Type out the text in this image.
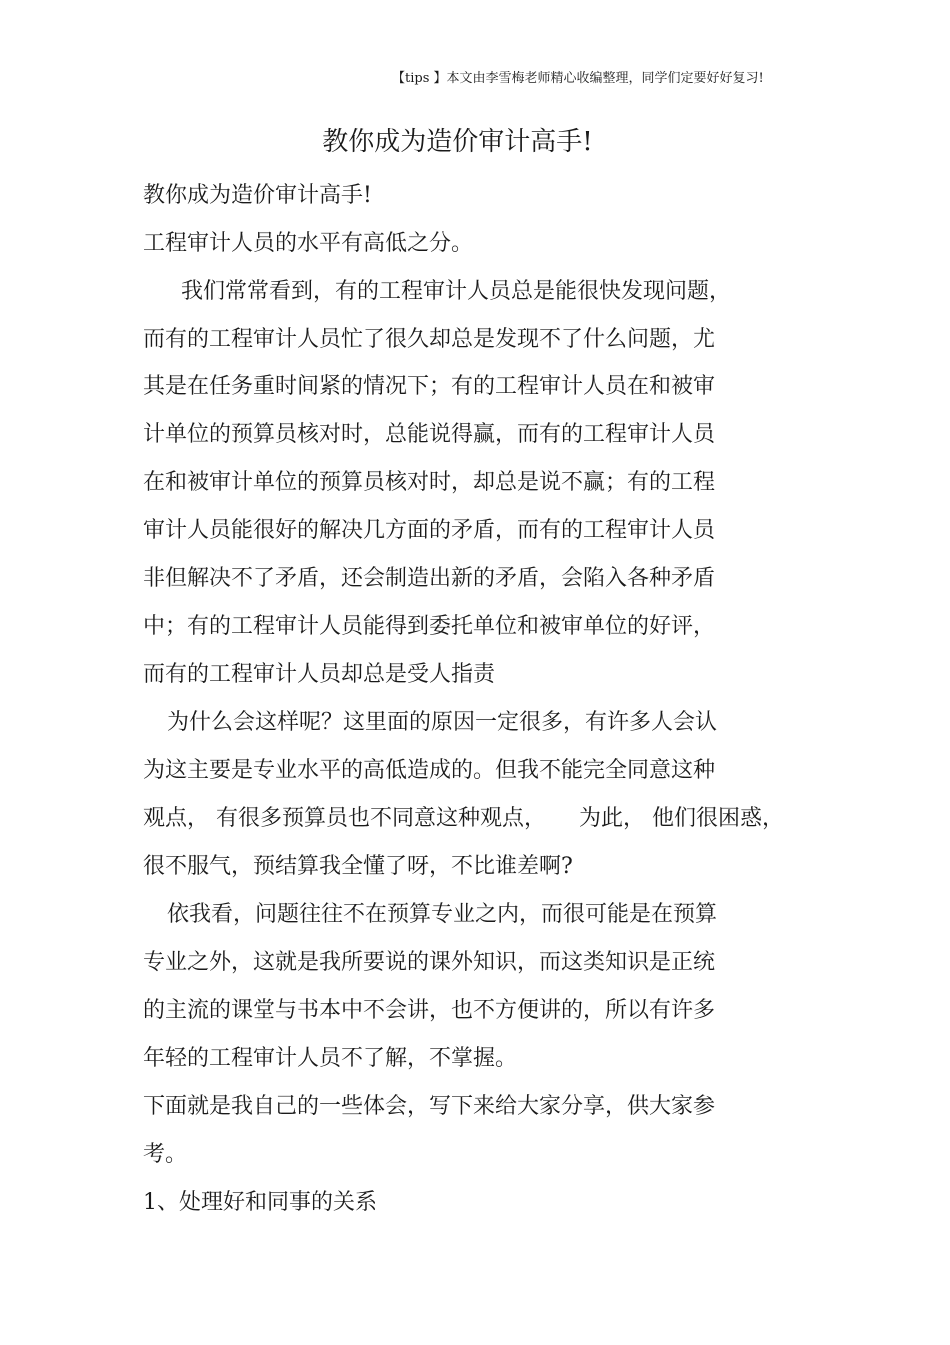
【tips 】本文由李雪梅老师精心收编整理，同学们定要好好复习!
教你成为造价审计高手!
教你成为造价审计高手!
工程审计人员的水平有高低之分。
我们常常看到，有的工程审计人员总是能很快发现问题，
而有的工程审计人员忙了很久却总是发现不了什么问题，尤
其是在任务重时间紧的情况下；有的工程审计人员在和被审
计单位的预算员核对时，总能说得赢，而有的工程审计人员
在和被审计单位的预算员核对时，却总是说不赢；有的工程
审计人员能很好的解决几方面的矛盾，而有的工程审计人员
非但解决不了矛盾，还会制造出新的矛盾，会陷入各种矛盾
中；有的工程审计人员能得到委托单位和被审单位的好评，
而有的工程审计人员却总是受人指责
为什么会这样呢？这里面的原因一定很多，有许多人会认
为这主要是专业水平的高低造成的。但我不能完全同意这种
观点， 有很多预算员也不同意这种观点，　　为此， 他们很困惑，
很不服气，预结算我全懂了呀，不比谁差啊?
依我看，问题往往不在预算专业之内，而很可能是在预算
专业之外，这就是我所要说的课外知识，而这类知识是正统
的主流的课堂与书本中不会讲，也不方便讲的，所以有许多
年轻的工程审计人员不了解，不掌握。
下面就是我自己的一些体会，写下来给大家分享，供大家参
考。
1、处理好和同事的关系
